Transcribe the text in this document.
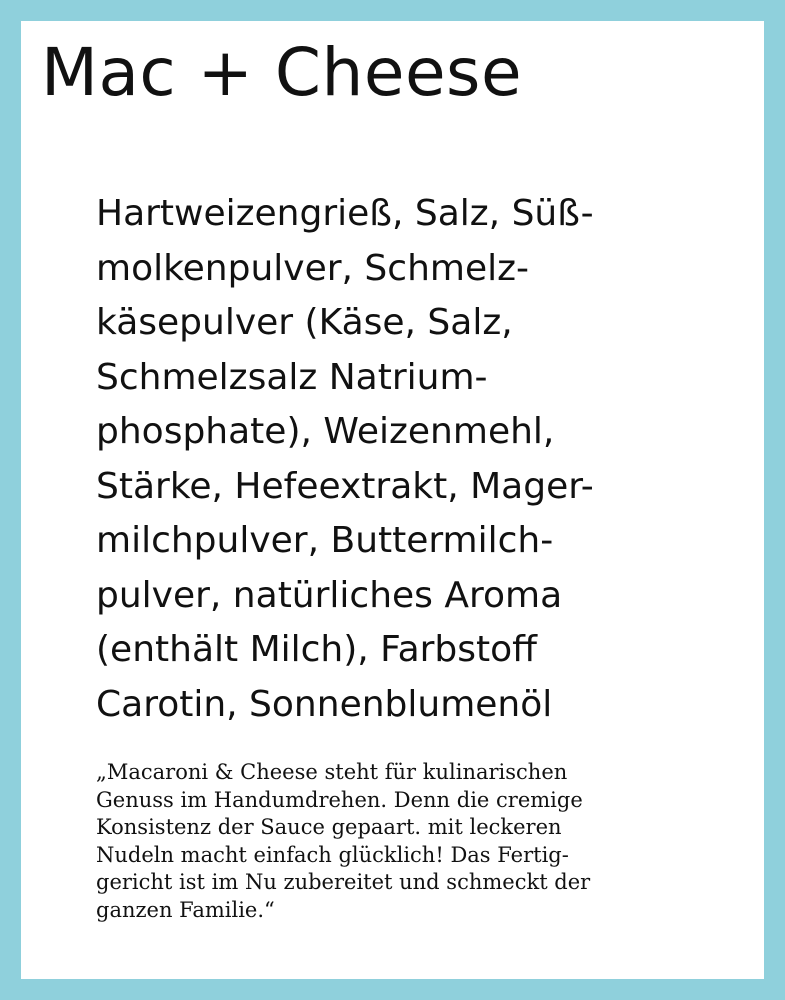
Mac + Cheese

Hartweizengrieß, Salz, Süß-
molkenpulver, Schmelz-
käsepulver (Käse, Salz,
Schmelzsalz Natrium-
phosphate), Weizenmehl,
Stärke, Hefeextrakt, Mager-
milchpulver, Buttermilch-
pulver, natürliches Aroma
(enthält Milch), Farbstoff
Carotin, Sonnenblumenöl

„Macaroni & Cheese steht für kulinarischen
Genuss im Handumdrehen. Denn die cremige
Konsistenz der Sauce gepaart. mit leckeren
Nudeln macht einfach glücklich! Das Fertig-
gericht ist im Nu zubereitet und schmeckt der
ganzen Familie.“
